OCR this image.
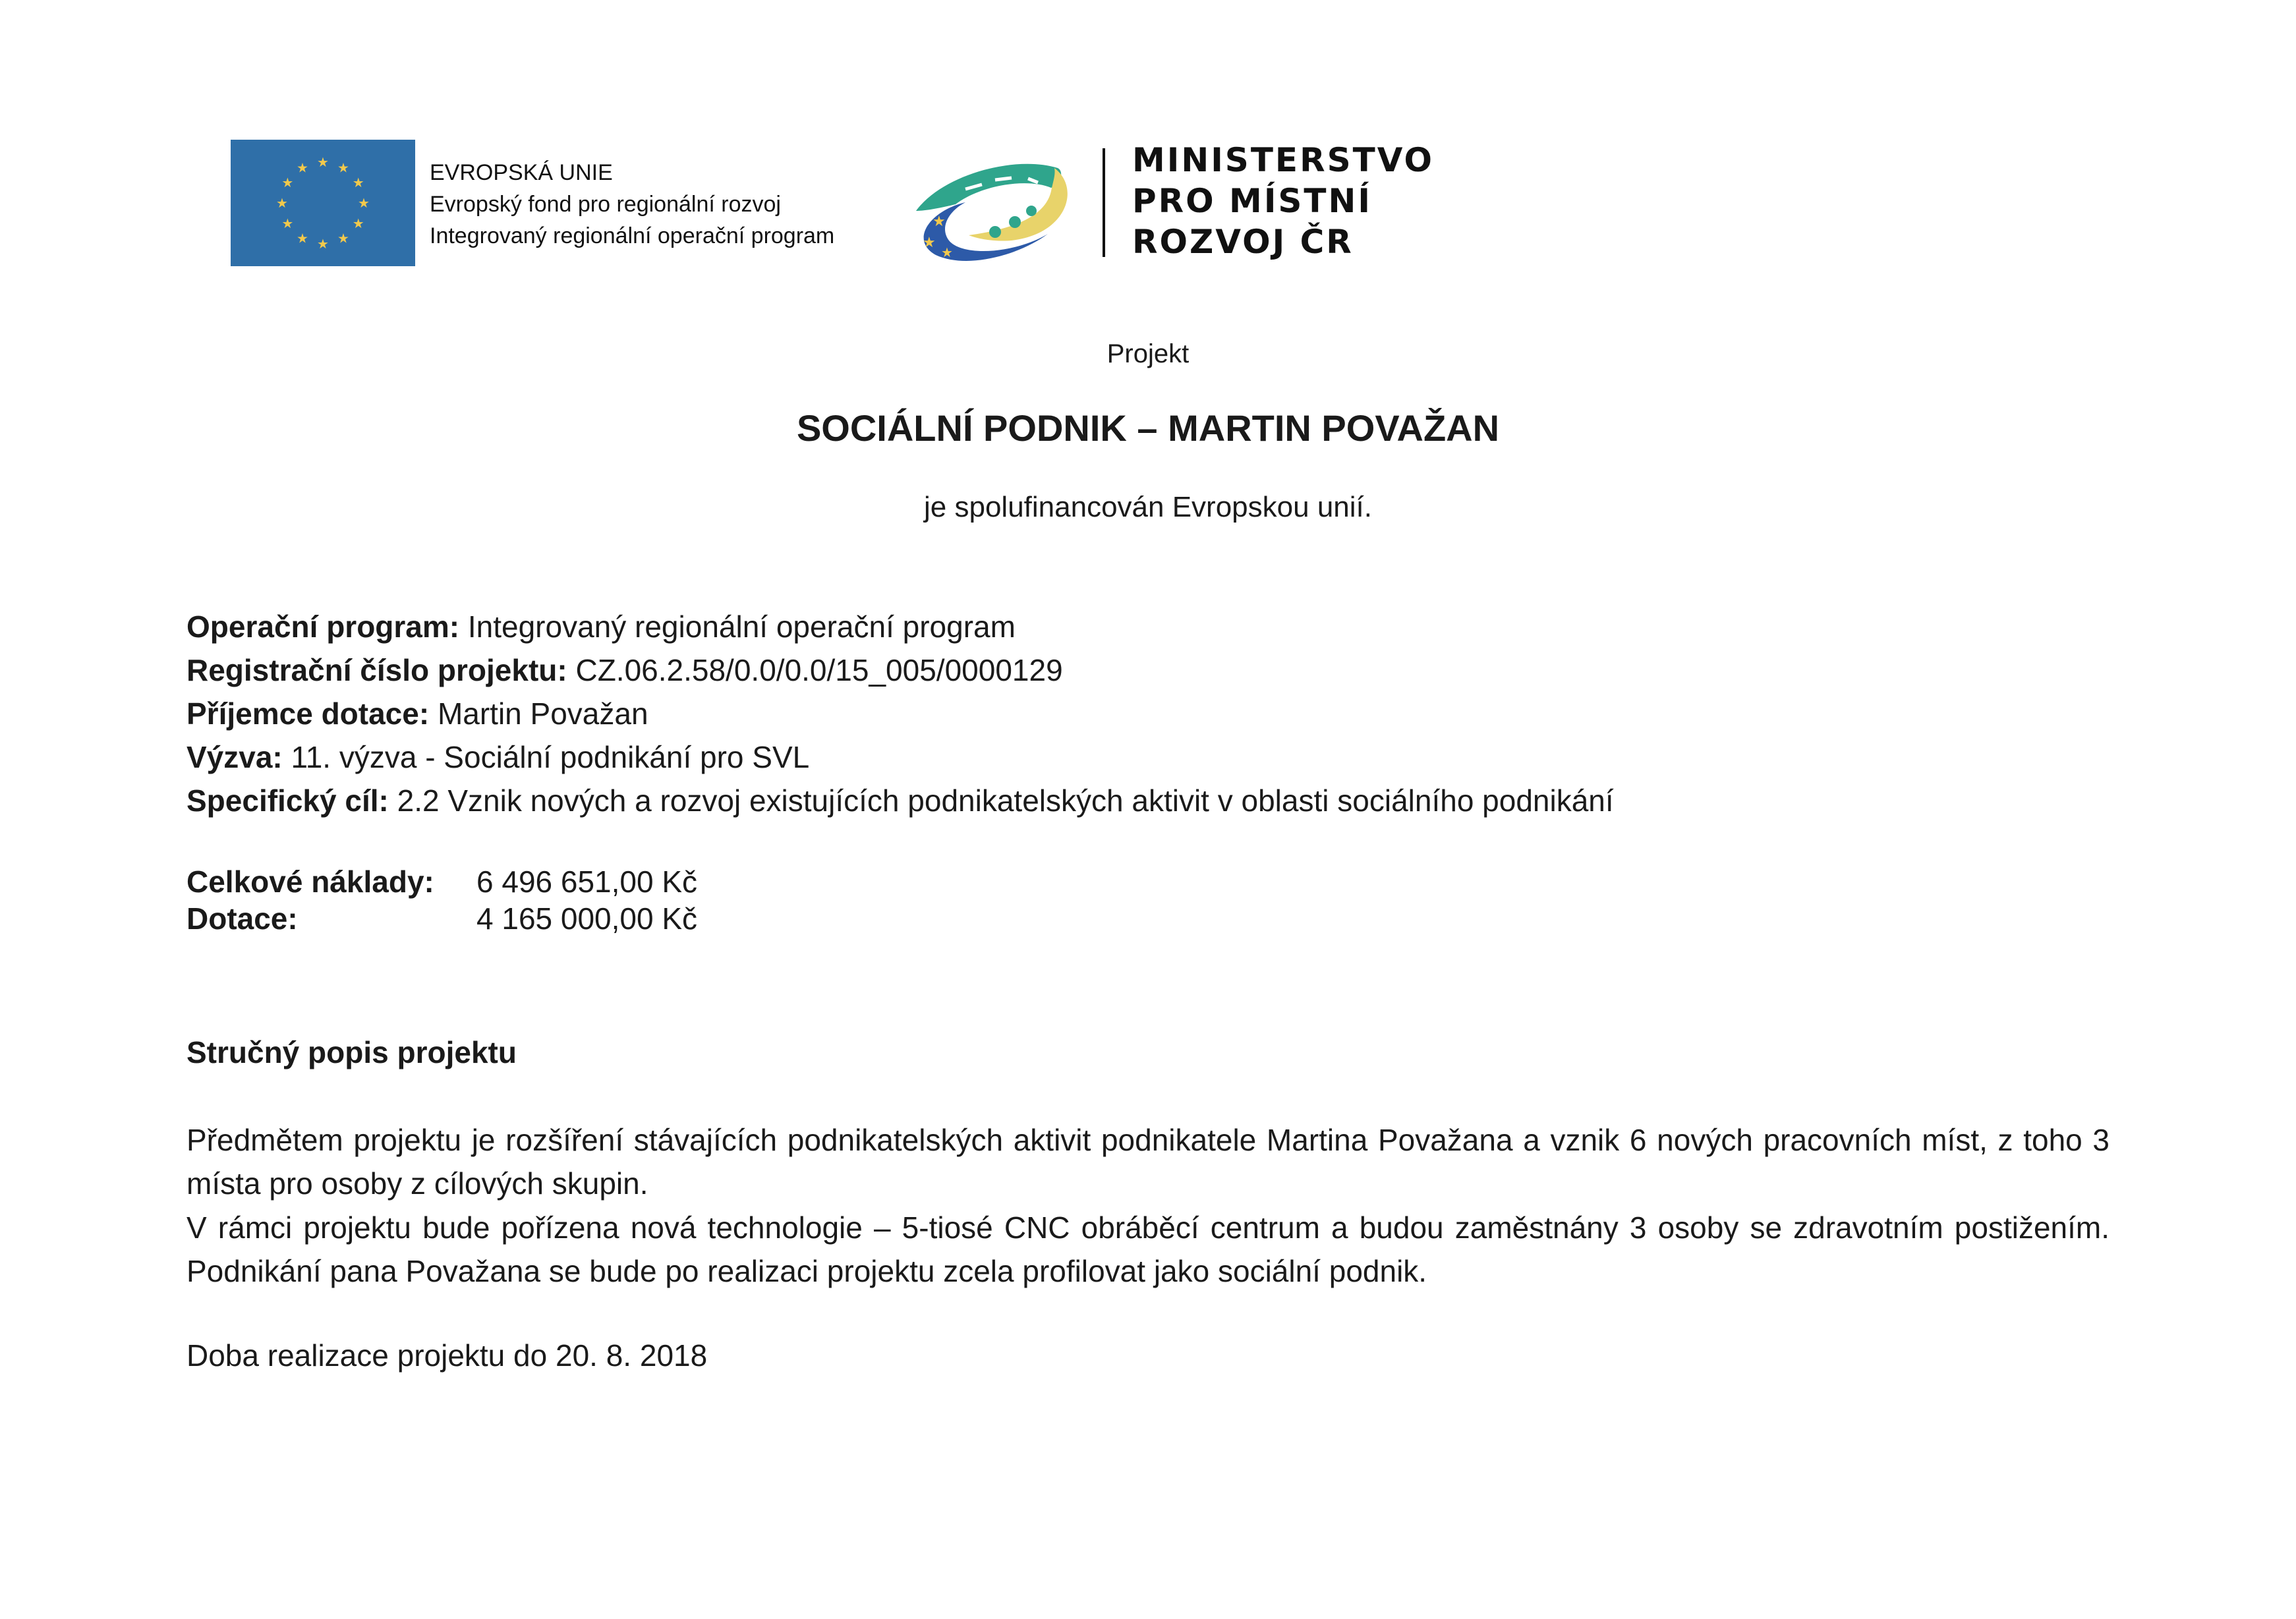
★ ★
★
★
★
★
★
★
★
★
★
★	EVROPSKÁ UNIE
Evropský fond pro regionální rozvoj
Integrovaný regionální operační program
★
★
★
MINISTERSTVO
PRO MÍSTNÍ
ROZVOJ ČR
Projekt
SOCIÁLNÍ PODNIK – MARTIN POVAŽAN
je spolufinancován Evropskou unií.
Operační program: Integrovaný regionální operační program
Registrační číslo projektu: CZ.06.2.58/0.0/0.0/15_005/0000129
Příjemce dotace: Martin Považan
Výzva: 11. výzva - Sociální podnikání pro SVL
Specifický cíl: 2.2 Vznik nových a rozvoj existujících podnikatelských aktivit v oblasti sociálního podnikání
Celkové náklady: 6 496 651,00 Kč
Dotace:	4 165 000,00 Kč
Stručný popis projektu
Předmětem projektu je rozšíření stávajících podnikatelských aktivit podnikatele Martina Považana a vznik 6 nových pracovních míst, z toho 3 místa pro osoby z cílových skupin.
V rámci projektu bude pořízena nová technologie – 5-tiosé CNC obráběcí centrum a budou zaměstnány 3 osoby se zdravotním postižením. Podnikání pana Považana se bude po realizaci projektu zcela profilovat jako sociální podnik.
Doba realizace projektu do 20. 8. 2018
